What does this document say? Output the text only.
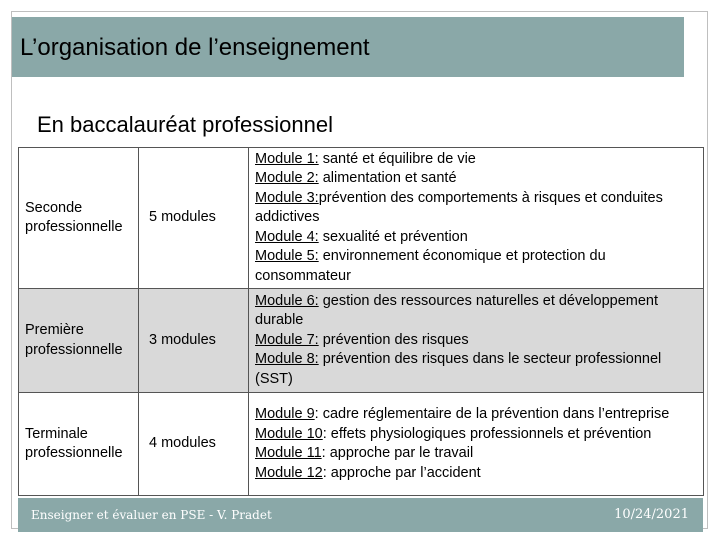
L’organisation de l’enseignement
En baccalauréat professionnel
Seconde professionnelle	5 modules	Module 1: santé et équilibre de vie
Module 2: alimentation et santé
Module 3:prévention des comportements à risques et conduites addictives
Module 4: sexualité et prévention
Module 5: environnement économique et protection du consommateur

Première professionnelle	3 modules	Module 6: gestion des ressources naturelles et développement durable
Module 7: prévention des risques
Module 8: prévention des risques dans le secteur professionnel (SST)

Terminale professionnelle	4 modules	Module 9: cadre réglementaire de la prévention dans l’entreprise
Module 10: effets physiologiques professionnels et prévention
Module 11: approche par le travail
Module 12: approche par l’accident
Enseigner et évaluer en PSE - V. Pradet	10/24/2021
